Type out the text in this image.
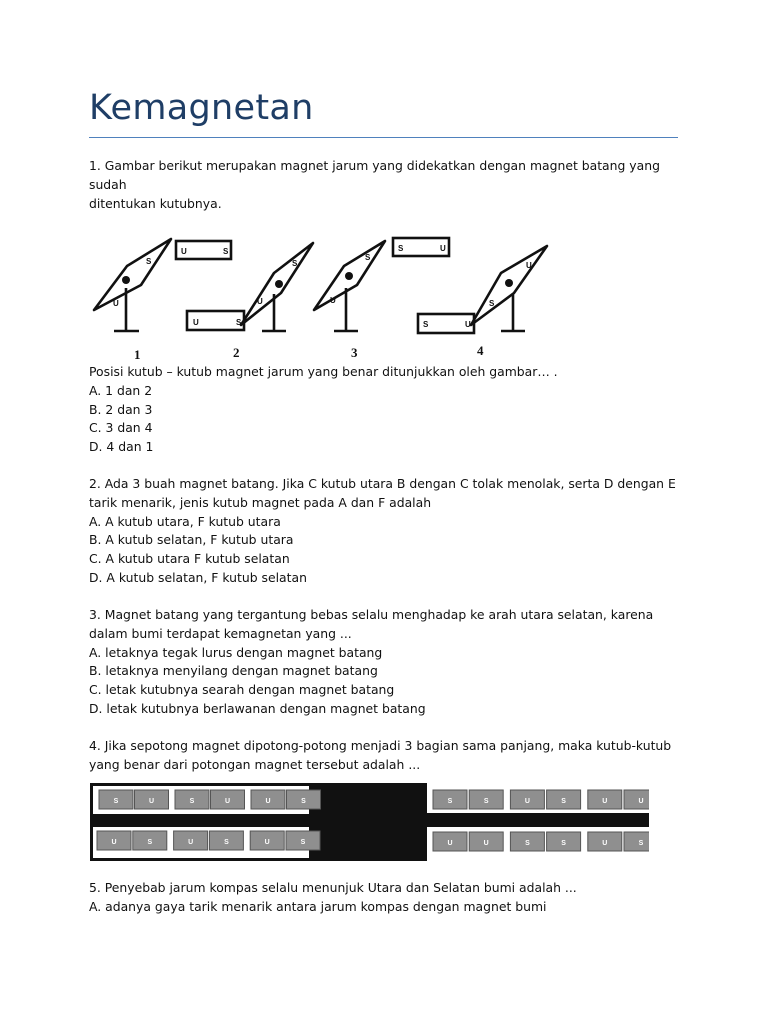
Kemagnetan
1. Gambar berikut merupakan magnet jarum yang didekatkan dengan magnet batang yang sudah
ditentukan kutubnya.
U	S
U	S
S	U
S	U
S
U
S
U
S
U
U
S
1	2	3	4
Posisi kutub – kutub magnet jarum yang benar ditunjukkan oleh gambar… .
A. 1 dan 2
B. 2 dan 3
C. 3 dan 4
D. 4 dan 1
2. Ada 3 buah magnet batang. Jika C kutub utara B dengan C tolak menolak, serta D dengan E
tarik menarik, jenis kutub magnet pada A dan F adalah
A. A kutub utara, F kutub utara
B. A kutub selatan, F kutub utara
C. A kutub utara F kutub selatan
D. A kutub selatan, F kutub selatan
3. Magnet batang yang tergantung bebas selalu menghadap ke arah utara selatan, karena
dalam bumi terdapat kemagnetan yang ...
A. letaknya tegak lurus dengan magnet batang
B. letaknya menyilang dengan magnet batang
C. letak kutubnya searah dengan magnet batang
D. letak kutubnya berlawanan dengan magnet batang
4. Jika sepotong magnet dipotong-potong menjadi 3 bagian sama panjang, maka kutub-kutub
yang benar dari potongan magnet tersebut adalah ...
S	U	S	U	U	S	S	S	U	S	U	U
U	S	U	S	U	S	U	U	S	S	U	S
5. Penyebab jarum kompas selalu menunjuk Utara dan Selatan bumi adalah ...
A. adanya gaya tarik menarik antara jarum kompas dengan magnet bumi
